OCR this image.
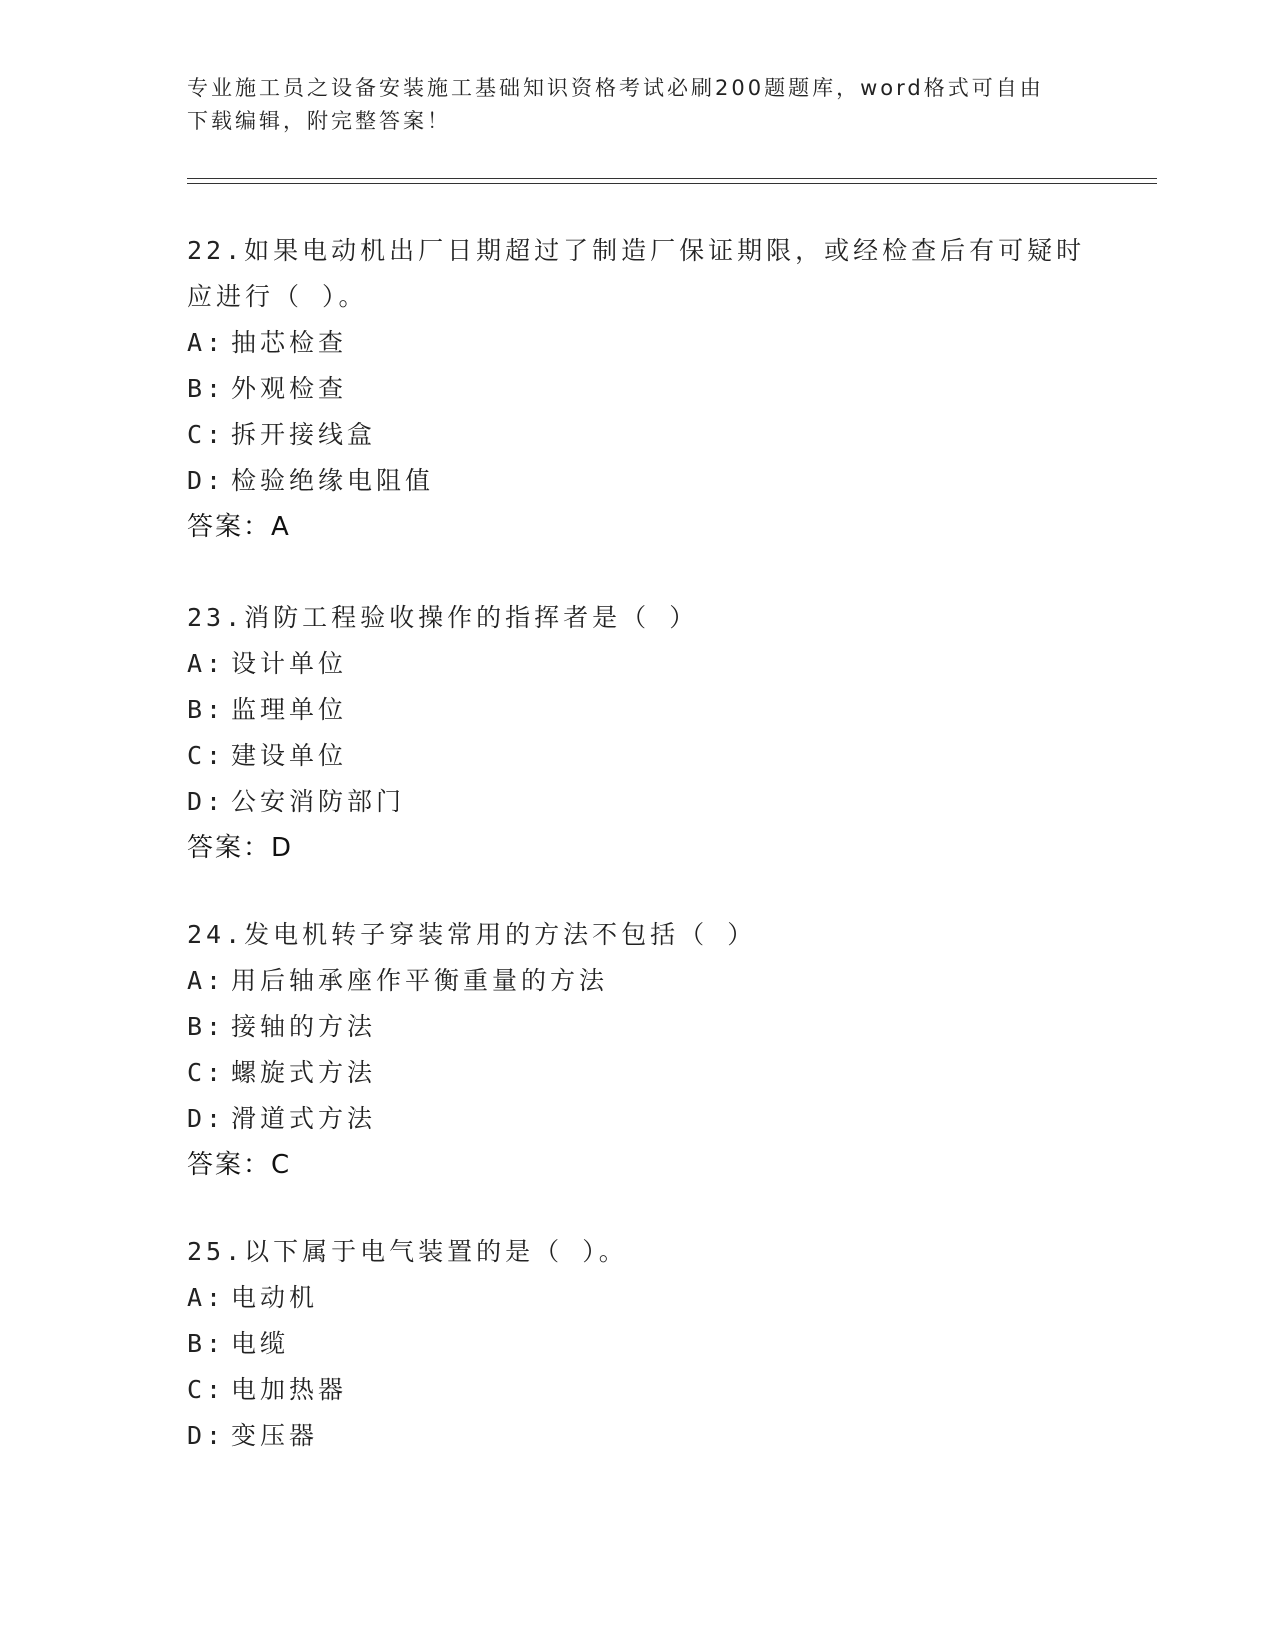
专业施工员之设备安装施工基础知识资格考试必刷200题题库，word格式可自由下载编辑，附完整答案！
22.如果电动机出厂日期超过了制造厂保证期限，或经检查后有可疑时应进行（ ）。
A: 抽芯检查
B: 外观检查
C: 拆开接线盒
D: 检验绝缘电阻值
答案：A
23.消防工程验收操作的指挥者是（ ）
A: 设计单位
B: 监理单位
C: 建设单位
D: 公安消防部门
答案：D
24.发电机转子穿装常用的方法不包括（ ）
A: 用后轴承座作平衡重量的方法
B: 接轴的方法
C: 螺旋式方法
D: 滑道式方法
答案：C
25.以下属于电气装置的是（ ）。
A: 电动机
B: 电缆
C: 电加热器
D: 变压器
